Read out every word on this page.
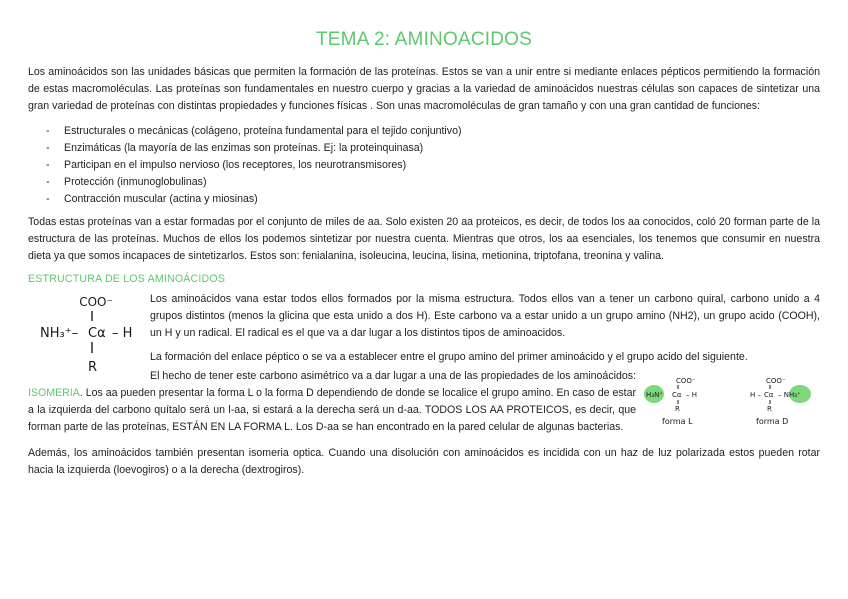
TEMA 2: AMINOACIDOS

Los aminoácidos son las unidades básicas que permiten la formación de las proteínas. Estos se van a unir entre si mediante enlaces pépticos permitiendo la formación de estas macromoléculas. Las proteínas son fundamentales en nuestro cuerpo y gracias a la variedad de aminoácidos nuestras células son capaces de sintetizar una gran variedad de proteínas con distintas propiedades y funciones físicas . Son unas macromoléculas de gran tamaño y con una gran cantidad de funciones:

- Estructurales o mecánicas (colágeno, proteína fundamental para el tejido conjuntivo)
- Enzimáticas (la mayoría de las enzimas son proteínas. Ej: la proteinquinasa)
- Participan en el impulso nervioso (los receptores, los neurotransmisores)
- Protección (inmunoglobulinas)
- Contracción muscular (actina y miosinas)

Todas estas proteínas van a estar formadas por el conjunto de miles de aa. Solo existen 20 aa proteicos, es decir, de todos los aa conocidos, coló 20 forman parte de la estructura de las proteínas. Muchos de ellos los podemos sintetizar por nuestra cuenta. Mientras que otros, los aa esenciales, los tenemos que consumir en nuestra dieta ya que somos incapaces de sintetizarlos. Estos son: fenialanina, isoleucina, leucina, lisina, metionina, triptofana, treonina y valina.

ESTRUCTURA DE LOS AMINOÁCIDOS
COO⁻
NH₃⁺– Cα – H
R

Los aminoácidos vana estar todos ellos formados por la misma estructura. Todos ellos van a tener un carbono quiral, carbono unido a 4 grupos distintos (menos la glicina que esta unido a dos H). Este carbono va a estar unido a un grupo amino (NH2), un grupo acido (COOH), un H y un radical. El radical es el que va a dar lugar a los distintos tipos de aminoacidos.

La formación del enlace péptico o se va a establecer entre el grupo amino del primer aminoácido y el grupo acido del siguiente.

El hecho de tener este carbono asimétrico va a dar lugar a una de las propiedades de los aminoácidos: ISOMERIA. Los aa pueden presentar la forma L o la forma D dependiendo de donde se localice el grupo amino. En caso de estar a la izquierda del carbono quítalo será un l-aa, si estará a la derecha será un d-aa. TODOS LOS AA PROTEICOS, es decir, que forman parte de las proteínas, ESTÁN EN LA FORMA L. Los D-aa se han encontrado en la pared celular de algunas bacterias.

COO⁻
H₃N⁺ Cα – H
R
forma L
COO⁻
H – Cα – NH₃⁺
R
forma D

Además, los aminoácidos también presentan isomeria optica. Cuando una disolución con aminoácidos es incidida con un haz de luz polarizada estos pueden rotar hacia la izquierda (loevogiros) o a la derecha (dextrogiros).
